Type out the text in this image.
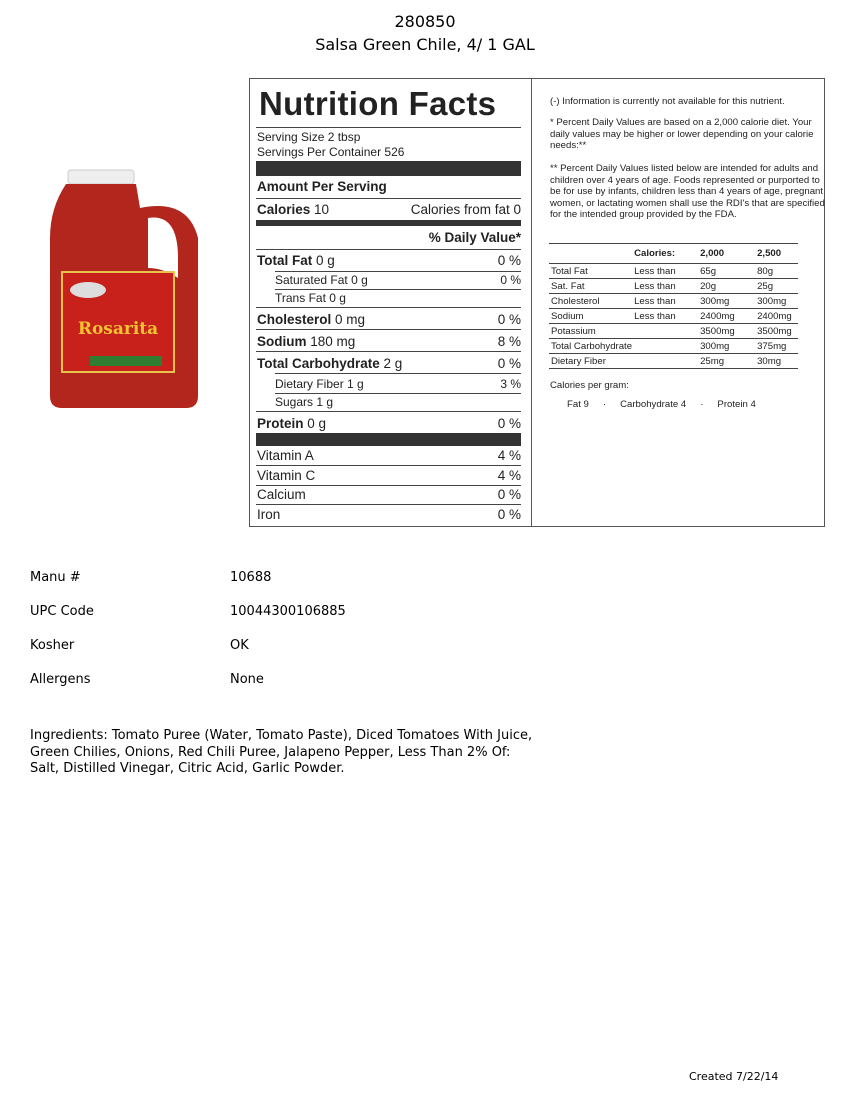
280850
Salsa Green Chile, 4/ 1 GAL
Rosarita
Nutrition Facts
Serving Size 2 tbsp
Servings Per Container 526
Amount Per Serving
Calories 10	Calories from fat 0
% Daily Value*
Total Fat 0 g	0 %
Saturated Fat 0 g	0 %
Trans Fat 0 g
Cholesterol 0 mg	0 %
Sodium 180 mg	8 %
Total Carbohydrate 2 g	0 %
Dietary Fiber 1 g	3 %
Sugars 1 g
Protein 0 g	0 %
Vitamin A	4 %
Vitamin C	4 %
Calcium	0 %
Iron	0 %
(-) Information is currently not available for this nutrient.
* Percent Daily Values are based on a 2,000 calorie diet. Your daily values may be higher or lower depending on your calorie needs:**
** Percent Daily Values listed below are intended for adults and children over 4 years of age. Foods represented or purported to be for use by infants, children less than 4 years of age, pregnant women, or lactating women shall use the RDI's that are specified for the intended group provided by the FDA.
	Calories:	2,000	2,500
Total Fat	Less than	65g	80g
Sat. Fat	Less than	20g	25g
Cholesterol	Less than	300mg	300mg
Sodium	Less than	2400mg	2400mg
Potassium		3500mg	3500mg
Total Carbohydrate		300mg	375mg
Dietary Fiber		25mg	30mg
Calories per gram:
Fat 9 · Carbohydrate 4 · Protein 4
Manu #	10688
UPC Code	10044300106885
Kosher	OK
Allergens	None
Ingredients: Tomato Puree (Water, Tomato Paste), Diced Tomatoes With Juice,
Green Chilies, Onions, Red Chili Puree, Jalapeno Pepper, Less Than 2% Of:
Salt, Distilled Vinegar, Citric Acid, Garlic Powder.
Created 7/22/14
